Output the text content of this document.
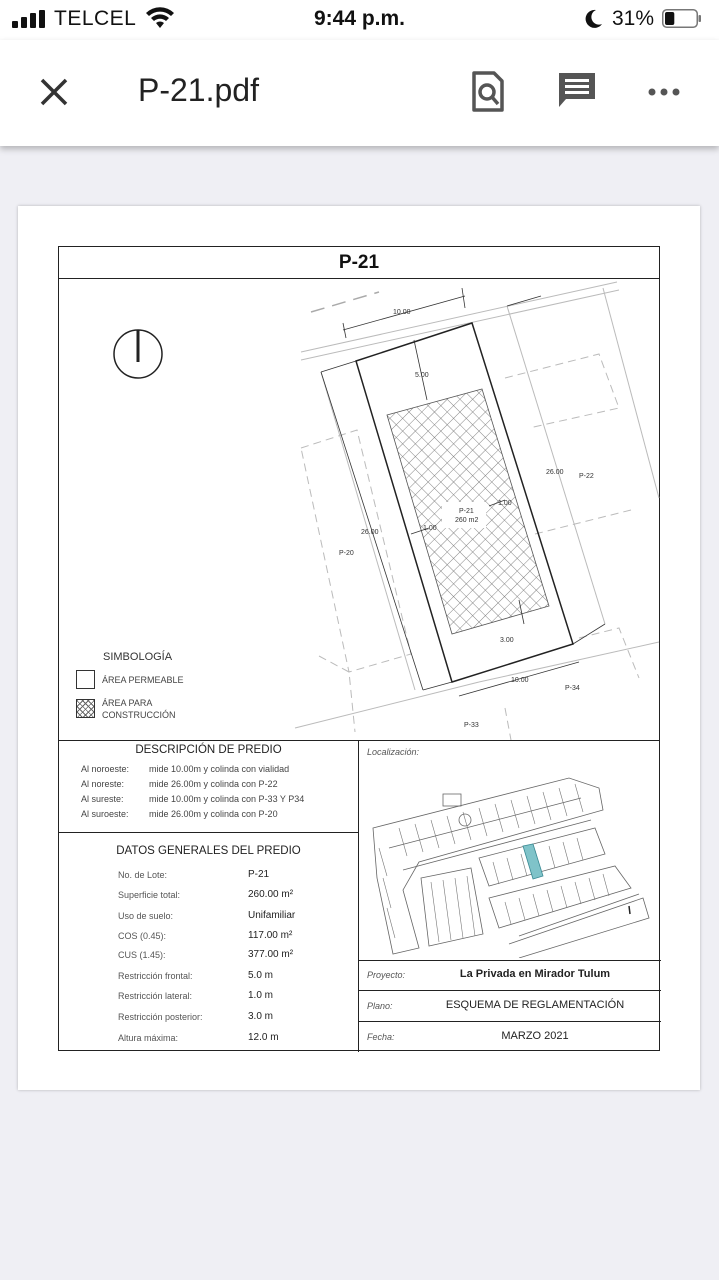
TELCEL	9:44 p.m.	31%
P-21.pdf
P-21
10.00
10.00
26.00
26.00
5.00
3.00
1.00
1.00
P-21
260 m2
P-20
P-22
P-34
P-33
SIMBOLOGÍA
ÁREA PERMEABLE
ÁREA PARA
CONSTRUCCIÓN
DESCRIPCIÓN DE PREDIO
Al noroeste: mide 10.00m y colinda con vialidad
Al noreste:	mide 26.00m y colinda con P-22
Al sureste:	mide 10.00m y colinda con P-33 Y P34
Al suroeste: mide 26.00m y colinda con P-20
DATOS GENERALES DEL PREDIO
No. de Lote:	P-21
Superficie total:	260.00 m²
Uso de suelo:	Unifamiliar
COS (0.45):	117.00 m²
CUS (1.45):	377.00 m²
Restricción frontal:	5.0 m
Restricción lateral:	1.0 m
Restricción posterior:	3.0 m
Altura máxima:	12.0 m
Localización:
Proyecto:	La Privada en Mirador Tulum
Plano:	ESQUEMA DE REGLAMENTACIÓN
Fecha:	MARZO 2021
